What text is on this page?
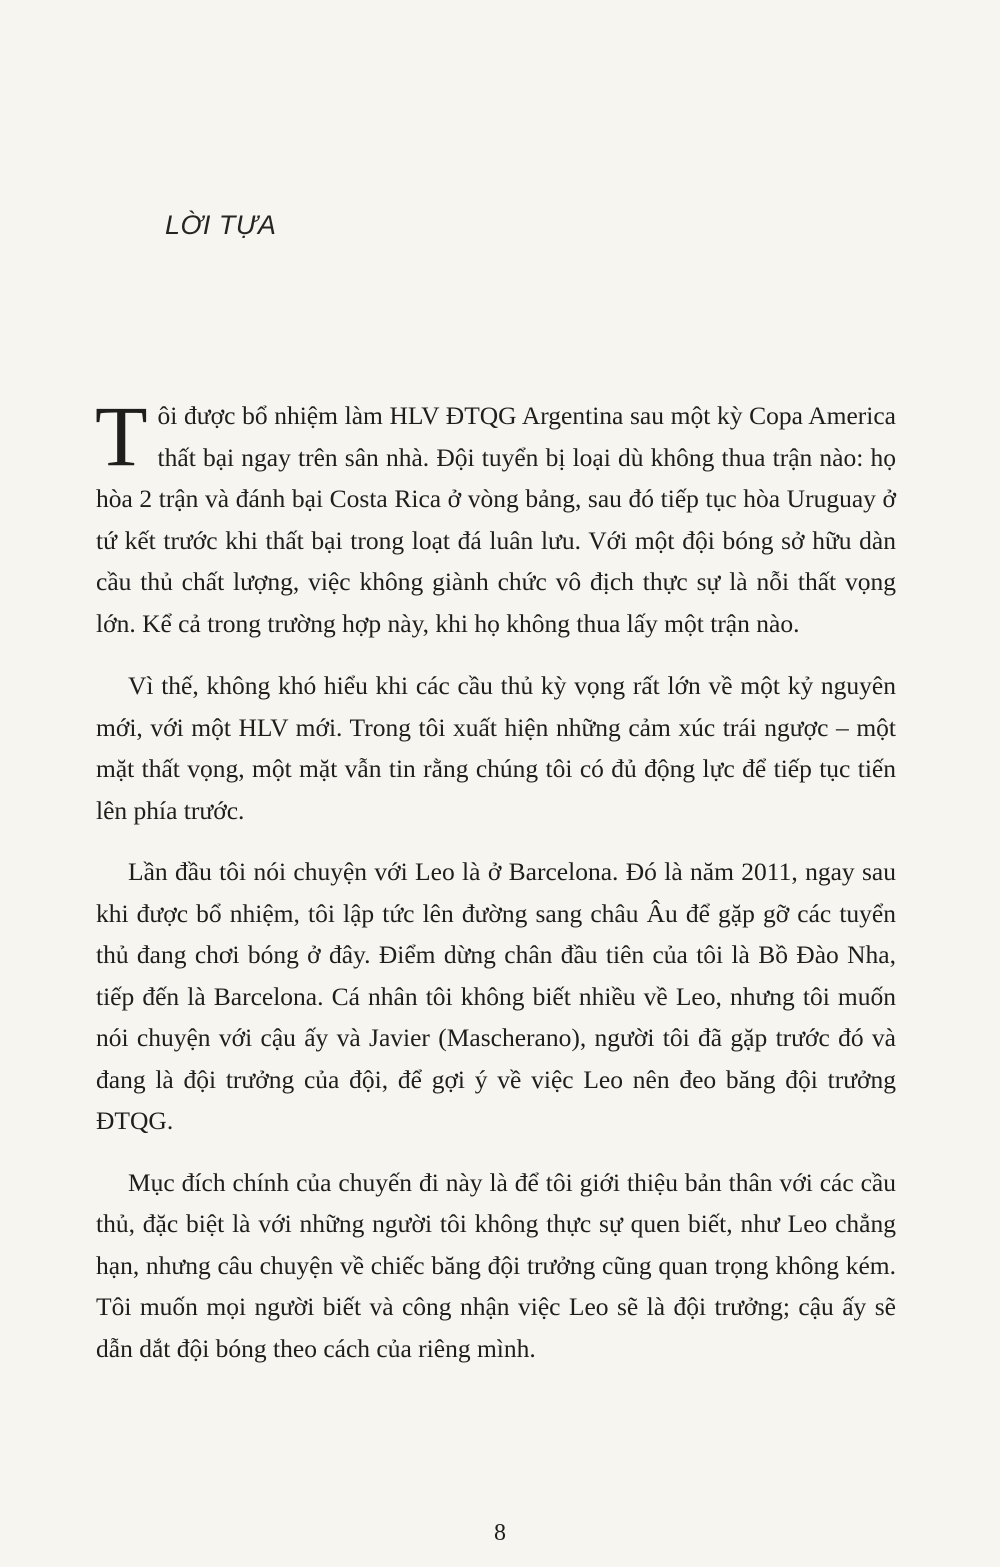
LỜI TỰA

Tôi được bổ nhiệm làm HLV ĐTQG Argentina sau một kỳ Copa America thất bại ngay trên sân nhà. Đội tuyển bị loại dù không thua trận nào: họ hòa 2 trận và đánh bại Costa Rica ở vòng bảng, sau đó tiếp tục hòa Uruguay ở tứ kết trước khi thất bại trong loạt đá luân lưu. Với một đội bóng sở hữu dàn cầu thủ chất lượng, việc không giành chức vô địch thực sự là nỗi thất vọng lớn. Kể cả trong trường hợp này, khi họ không thua lấy một trận nào.

Vì thế, không khó hiểu khi các cầu thủ kỳ vọng rất lớn về một kỷ nguyên mới, với một HLV mới. Trong tôi xuất hiện những cảm xúc trái ngược – một mặt thất vọng, một mặt vẫn tin rằng chúng tôi có đủ động lực để tiếp tục tiến lên phía trước.

Lần đầu tôi nói chuyện với Leo là ở Barcelona. Đó là năm 2011, ngay sau khi được bổ nhiệm, tôi lập tức lên đường sang châu Âu để gặp gỡ các tuyển thủ đang chơi bóng ở đây. Điểm dừng chân đầu tiên của tôi là Bồ Đào Nha, tiếp đến là Barcelona. Cá nhân tôi không biết nhiều về Leo, nhưng tôi muốn nói chuyện với cậu ấy và Javier (Mascherano), người tôi đã gặp trước đó và đang là đội trưởng của đội, để gợi ý về việc Leo nên đeo băng đội trưởng ĐTQG.

Mục đích chính của chuyến đi này là để tôi giới thiệu bản thân với các cầu thủ, đặc biệt là với những người tôi không thực sự quen biết, như Leo chẳng hạn, nhưng câu chuyện về chiếc băng đội trưởng cũng quan trọng không kém. Tôi muốn mọi người biết và công nhận việc Leo sẽ là đội trưởng; cậu ấy sẽ dẫn dắt đội bóng theo cách của riêng mình.

8
